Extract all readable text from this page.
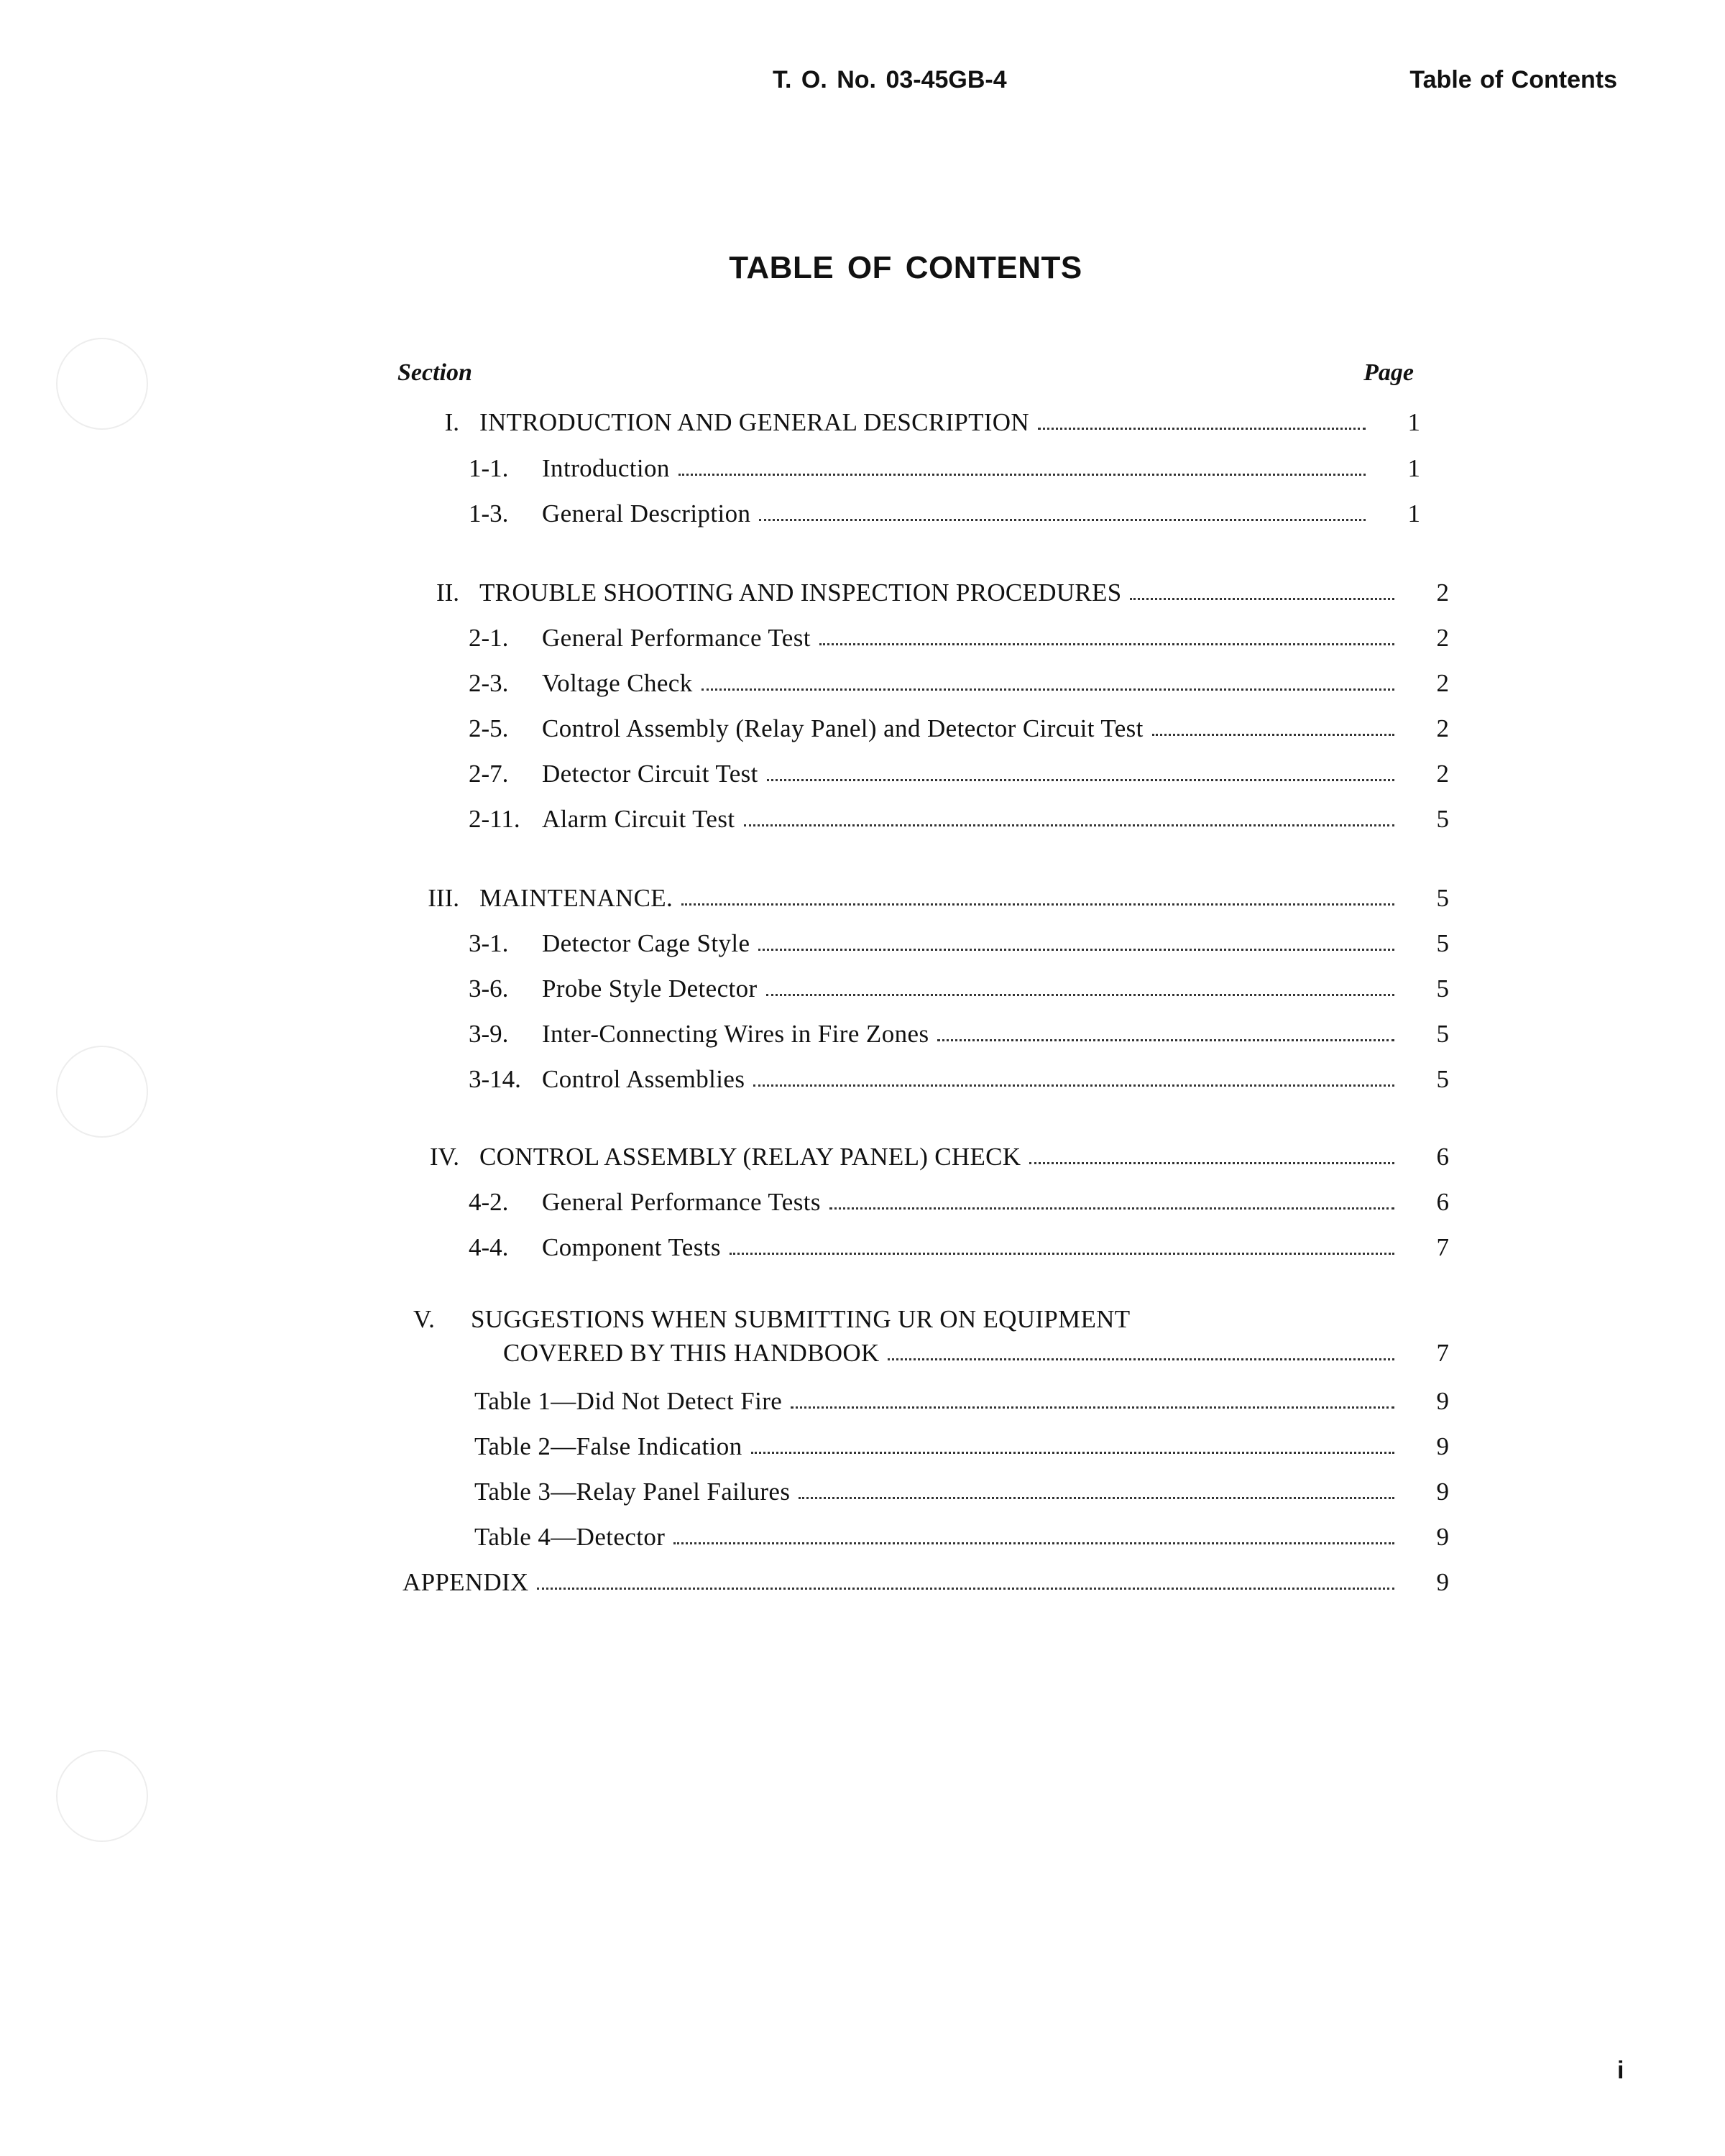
T. O. No. 03-45GB-4	Table of Contents
TABLE OF CONTENTS
Section	Page
I. INTRODUCTION AND GENERAL DESCRIPTION	1
1-1.	Introduction	1
1-3.	General Description	1
II. TROUBLE SHOOTING AND INSPECTION PROCEDURES	2
2-1.	General Performance Test	2
2-3.	Voltage Check	2
2-5.	Control Assembly (Relay Panel) and Detector Circuit Test	2
2-7.	Detector Circuit Test	2
2-11. Alarm Circuit Test	5
III. MAINTENANCE.	5
3-1.	Detector Cage Style	5
3-6.	Probe Style Detector	5
3-9.	Inter-Connecting Wires in Fire Zones	5
3-14. Control Assemblies	5
IV. CONTROL ASSEMBLY (RELAY PANEL) CHECK	6
4-2.	General Performance Tests	6
4-4.	Component Tests	7
V. SUGGESTIONS WHEN SUBMITTING UR ON EQUIPMENT
COVERED BY THIS HANDBOOK	7
Table 1—Did Not Detect Fire	9
Table 2—False Indication	9
Table 3—Relay Panel Failures	9
Table 4—Detector	9
APPENDIX	9
i
